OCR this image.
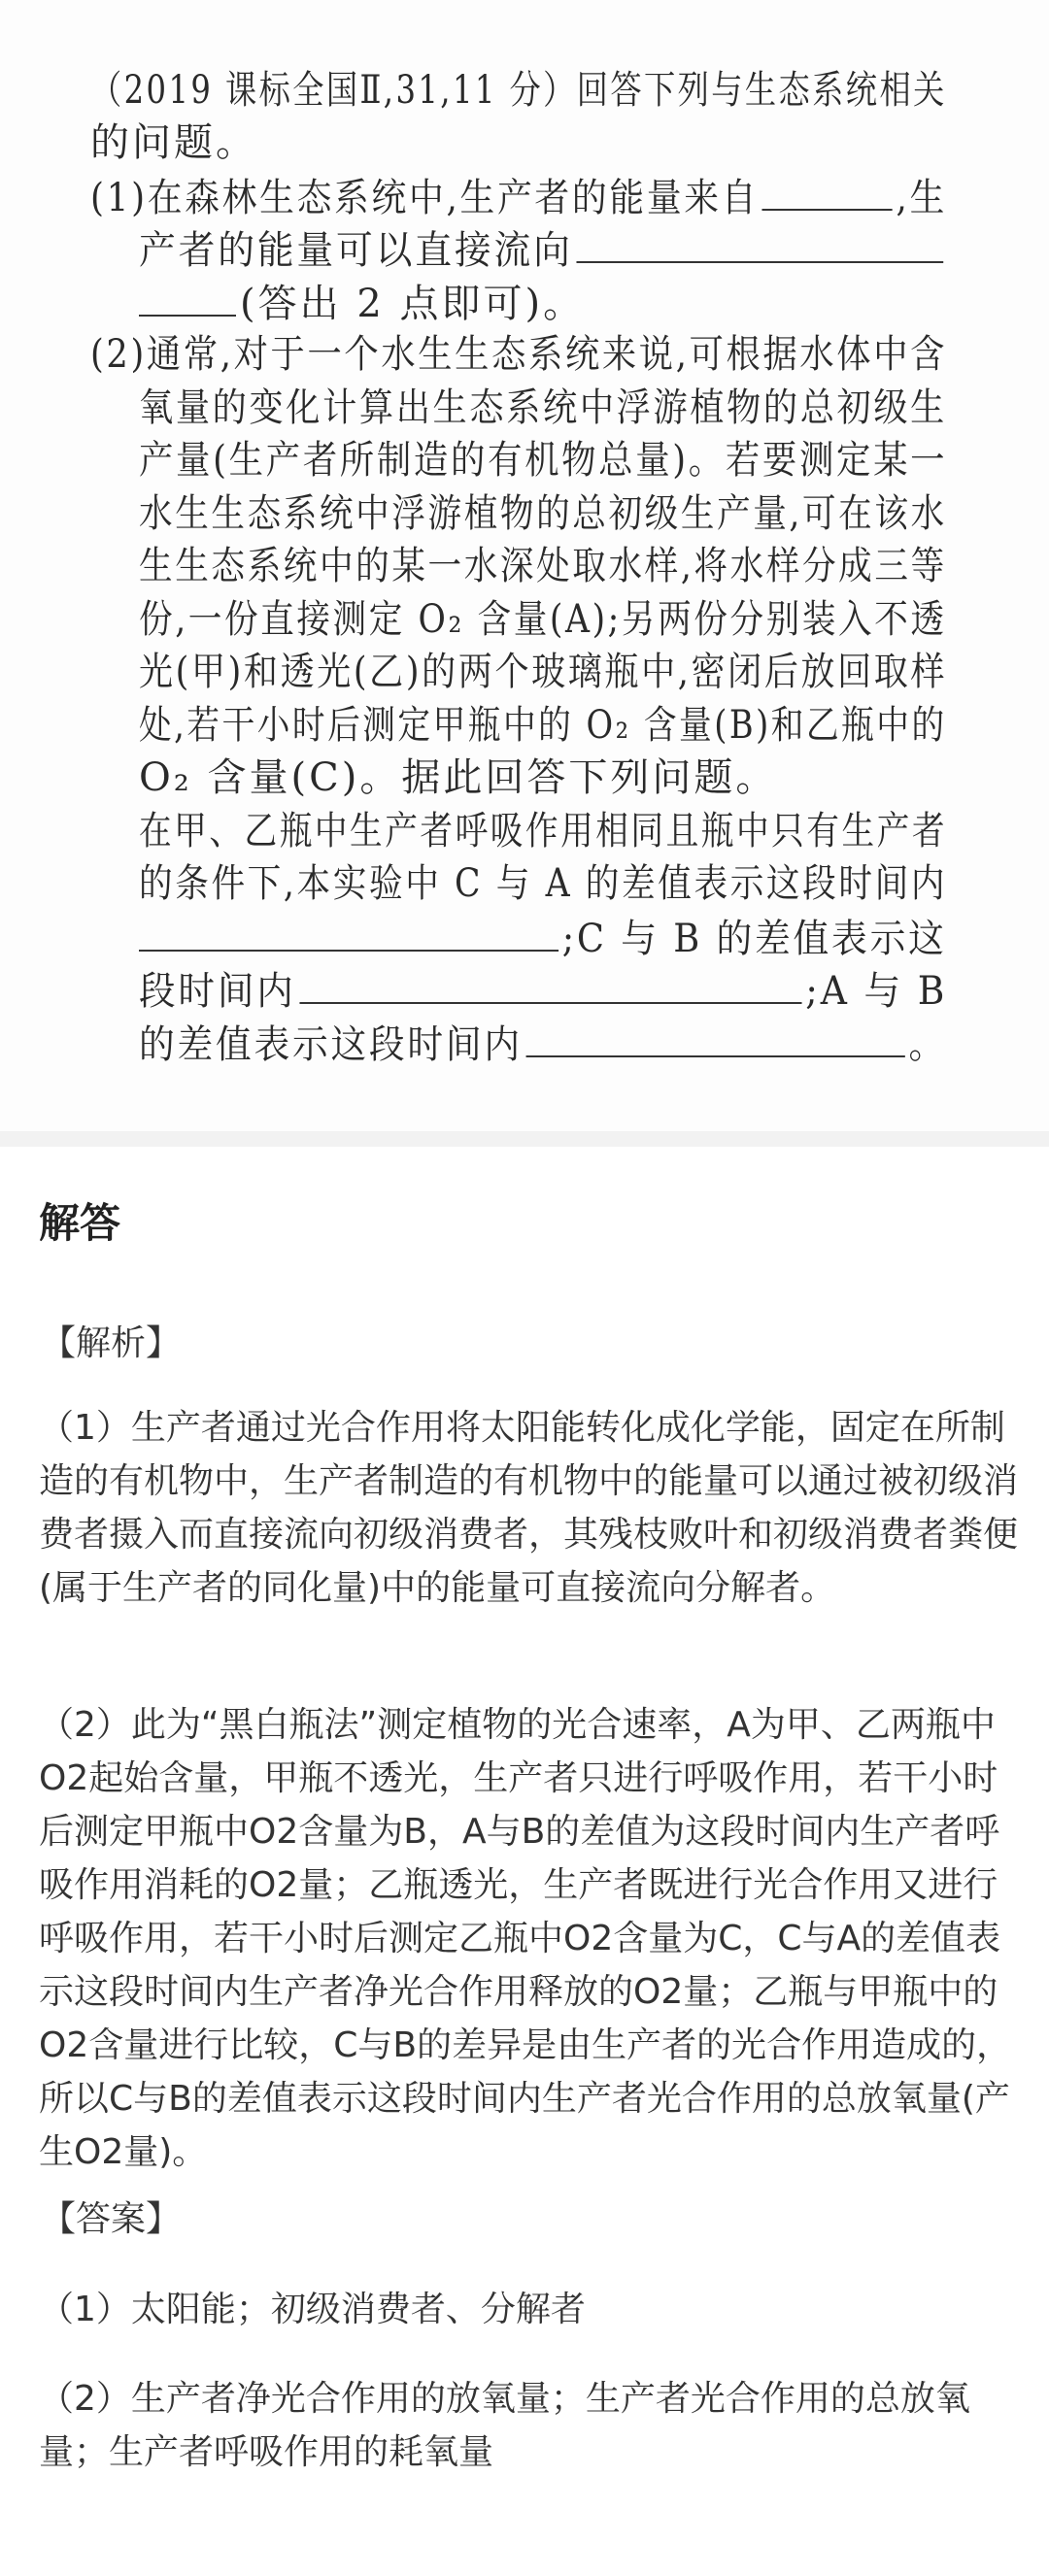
（2019 课标全国Ⅱ,31,11 分）回答下列与生态系统相关
的问题。
(1)在森林生态系统中,生产者的能量来自	,生
产者的能量可以直接流向
(答出 2 点即可)。
(2)通常,对于一个水生生态系统来说,可根据水体中含
氧量的变化计算出生态系统中浮游植物的总初级生
产量(生产者所制造的有机物总量)。若要测定某一
水生生态系统中浮游植物的总初级生产量,可在该水
生生态系统中的某一水深处取水样,将水样分成三等
份,一份直接测定 O₂ 含量(A);另两份分别装入不透
光(甲)和透光(乙)的两个玻璃瓶中,密闭后放回取样
处,若干小时后测定甲瓶中的 O₂ 含量(B)和乙瓶中的
O₂ 含量(C)。据此回答下列问题。
在甲、乙瓶中生产者呼吸作用相同且瓶中只有生产者
的条件下,本实验中 C 与 A 的差值表示这段时间内
;C 与 B 的差值表示这
段时间内	;A 与 B
的差值表示这段时间内	。
解答
【解析】

（1）生产者通过光合作用将太阳能转化成化学能，固定在所制造的有机物中，生产者制造的有机物中的能量可以通过被初级消费者摄入而直接流向初级消费者，其残枝败叶和初级消费者粪便(属于生产者的同化量)中的能量可直接流向分解者。

（2）此为“黑白瓶法”测定植物的光合速率，A为甲、乙两瓶中O2起始含量，甲瓶不透光，生产者只进行呼吸作用，若干小时后测定甲瓶中O2含量为B，A与B的差值为这段时间内生产者呼吸作用消耗的O2量；乙瓶透光，生产者既进行光合作用又进行呼吸作用，若干小时后测定乙瓶中O2含量为C，C与A的差值表示这段时间内生产者净光合作用释放的O2量；乙瓶与甲瓶中的O2含量进行比较，C与B的差异是由生产者的光合作用造成的，所以C与B的差值表示这段时间内生产者光合作用的总放氧量(产生O2量)。

【答案】

（1）太阳能；初级消费者、分解者

（2）生产者净光合作用的放氧量；生产者光合作用的总放氧量；生产者呼吸作用的耗氧量
